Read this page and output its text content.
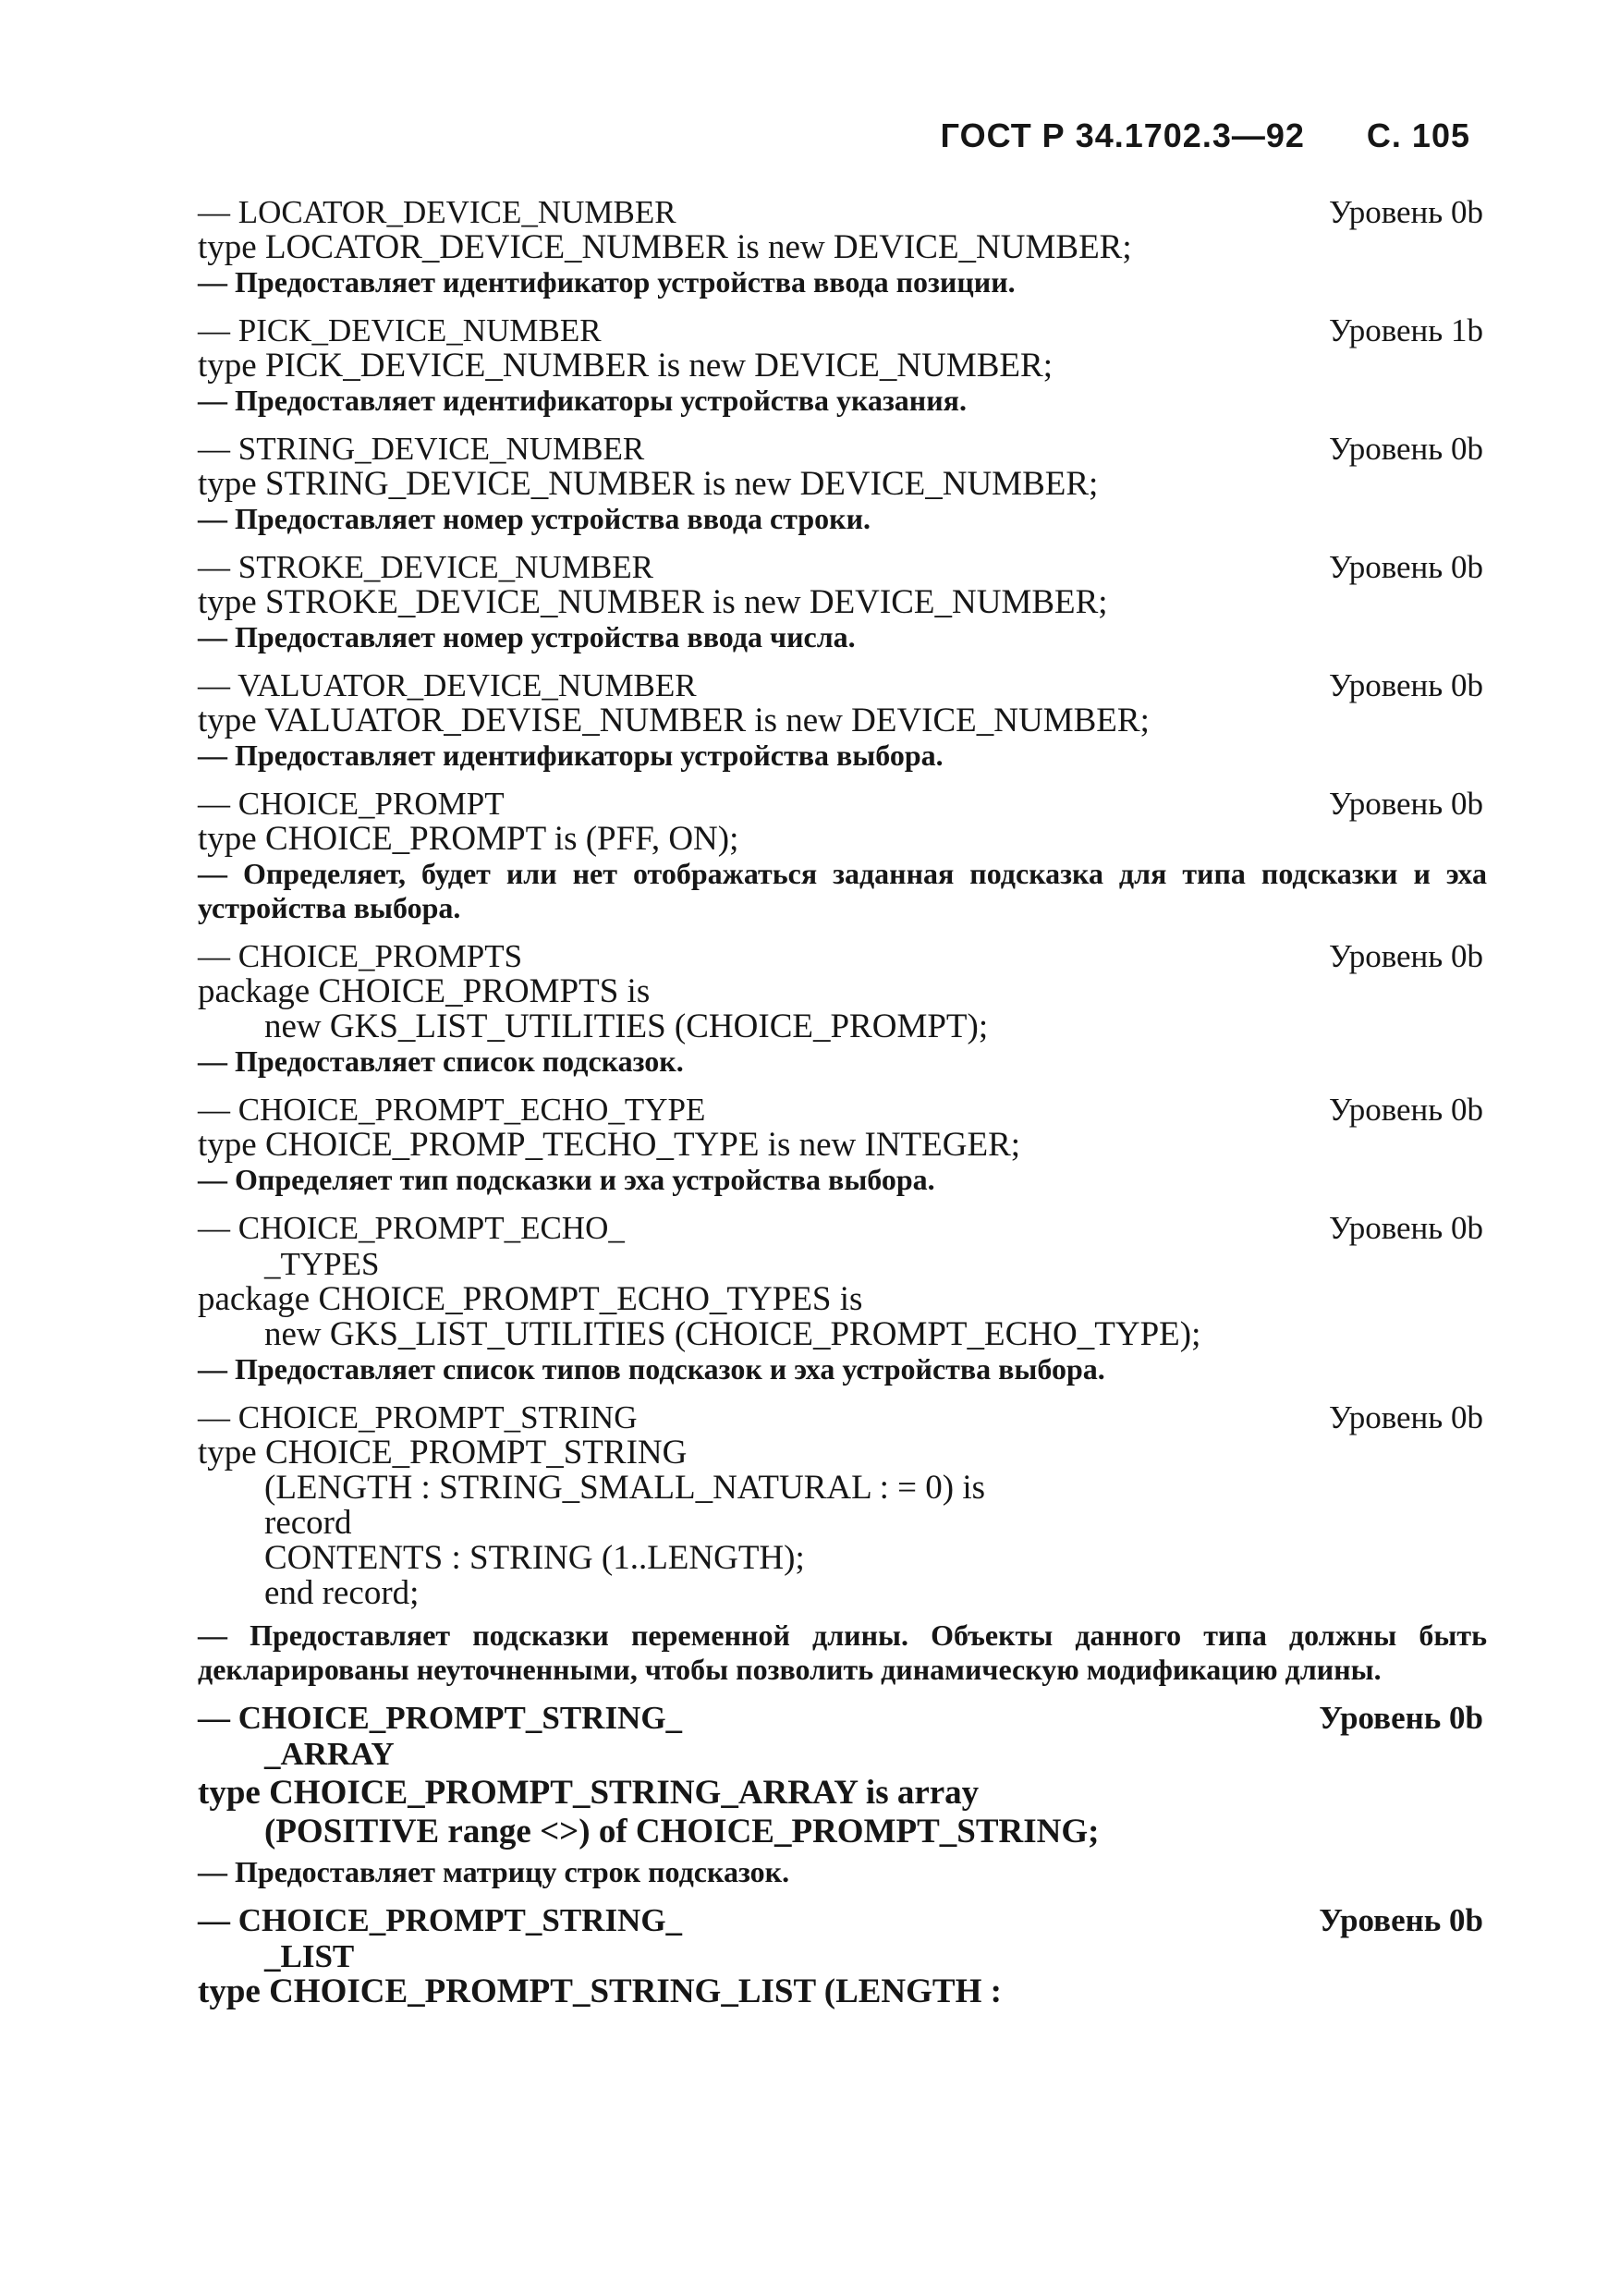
ГОСТ Р 34.1702.3—92 С. 105
Уровень 0b
— LOCATOR_DEVICE_NUMBER
type LOCATOR_DEVICE_NUMBER is new DEVICE_NUMBER;
— Предоставляет идентификатор устройства ввода позиции.
Уровень 1b
— PICK_DEVICE_NUMBER
type PICK_DEVICE_NUMBER is new DEVICE_NUMBER;
— Предоставляет идентификаторы устройства указания.
Уровень 0b
— STRING_DEVICE_NUMBER
type STRING_DEVICE_NUMBER is new DEVICE_NUMBER;
— Предоставляет номер устройства ввода строки.
Уровень 0b
— STROKE_DEVICE_NUMBER
type STROKE_DEVICE_NUMBER is new DEVICE_NUMBER;
— Предоставляет номер устройства ввода числа.
Уровень 0b
— VALUATOR_DEVICE_NUMBER
type VALUATOR_DEVISE_NUMBER is new DEVICE_NUMBER;
— Предоставляет идентификаторы устройства выбора.
Уровень 0b
— CHOICE_PROMPT
type CHOICE_PROMPT is (PFF, ON);
— Определяет, будет или нет отображаться заданная подсказка для типа подсказки и эха устройства выбора.
Уровень 0b
— CHOICE_PROMPTS
package CHOICE_PROMPTS is
new GKS_LIST_UTILITIES (CHOICE_PROMPT);
— Предоставляет список подсказок.
Уровень 0b
— CHOICE_PROMPT_ECHO_TYPE
type CHOICE_PROMP_TECHO_TYPE is new INTEGER;
— Определяет тип подсказки и эха устройства выбора.
Уровень 0b
— CHOICE_PROMPT_ECHO_
_TYPES
package CHOICE_PROMPT_ECHO_TYPES is
new GKS_LIST_UTILITIES (CHOICE_PROMPT_ECHO_TYPE);
— Предоставляет список типов подсказок и эха устройства выбора.
Уровень 0b
— CHOICE_PROMPT_STRING
type CHOICE_PROMPT_STRING
(LENGTH : STRING_SMALL_NATURAL : = 0) is
record
CONTENTS : STRING (1..LENGTH);
end record;
— Предоставляет подсказки переменной длины. Объекты данного типа должны быть декларированы неуточненными, чтобы позволить динамическую модификацию длины.
Уровень 0b
— CHOICE_PROMPT_STRING_
_ARRAY
type CHOICE_PROMPT_STRING_ARRAY is array
(POSITIVE range <>) of CHOICE_PROMPT_STRING;
— Предоставляет матрицу строк подсказок.
Уровень 0b
— CHOICE_PROMPT_STRING_
_LIST
type CHOICE_PROMPT_STRING_LIST (LENGTH :
